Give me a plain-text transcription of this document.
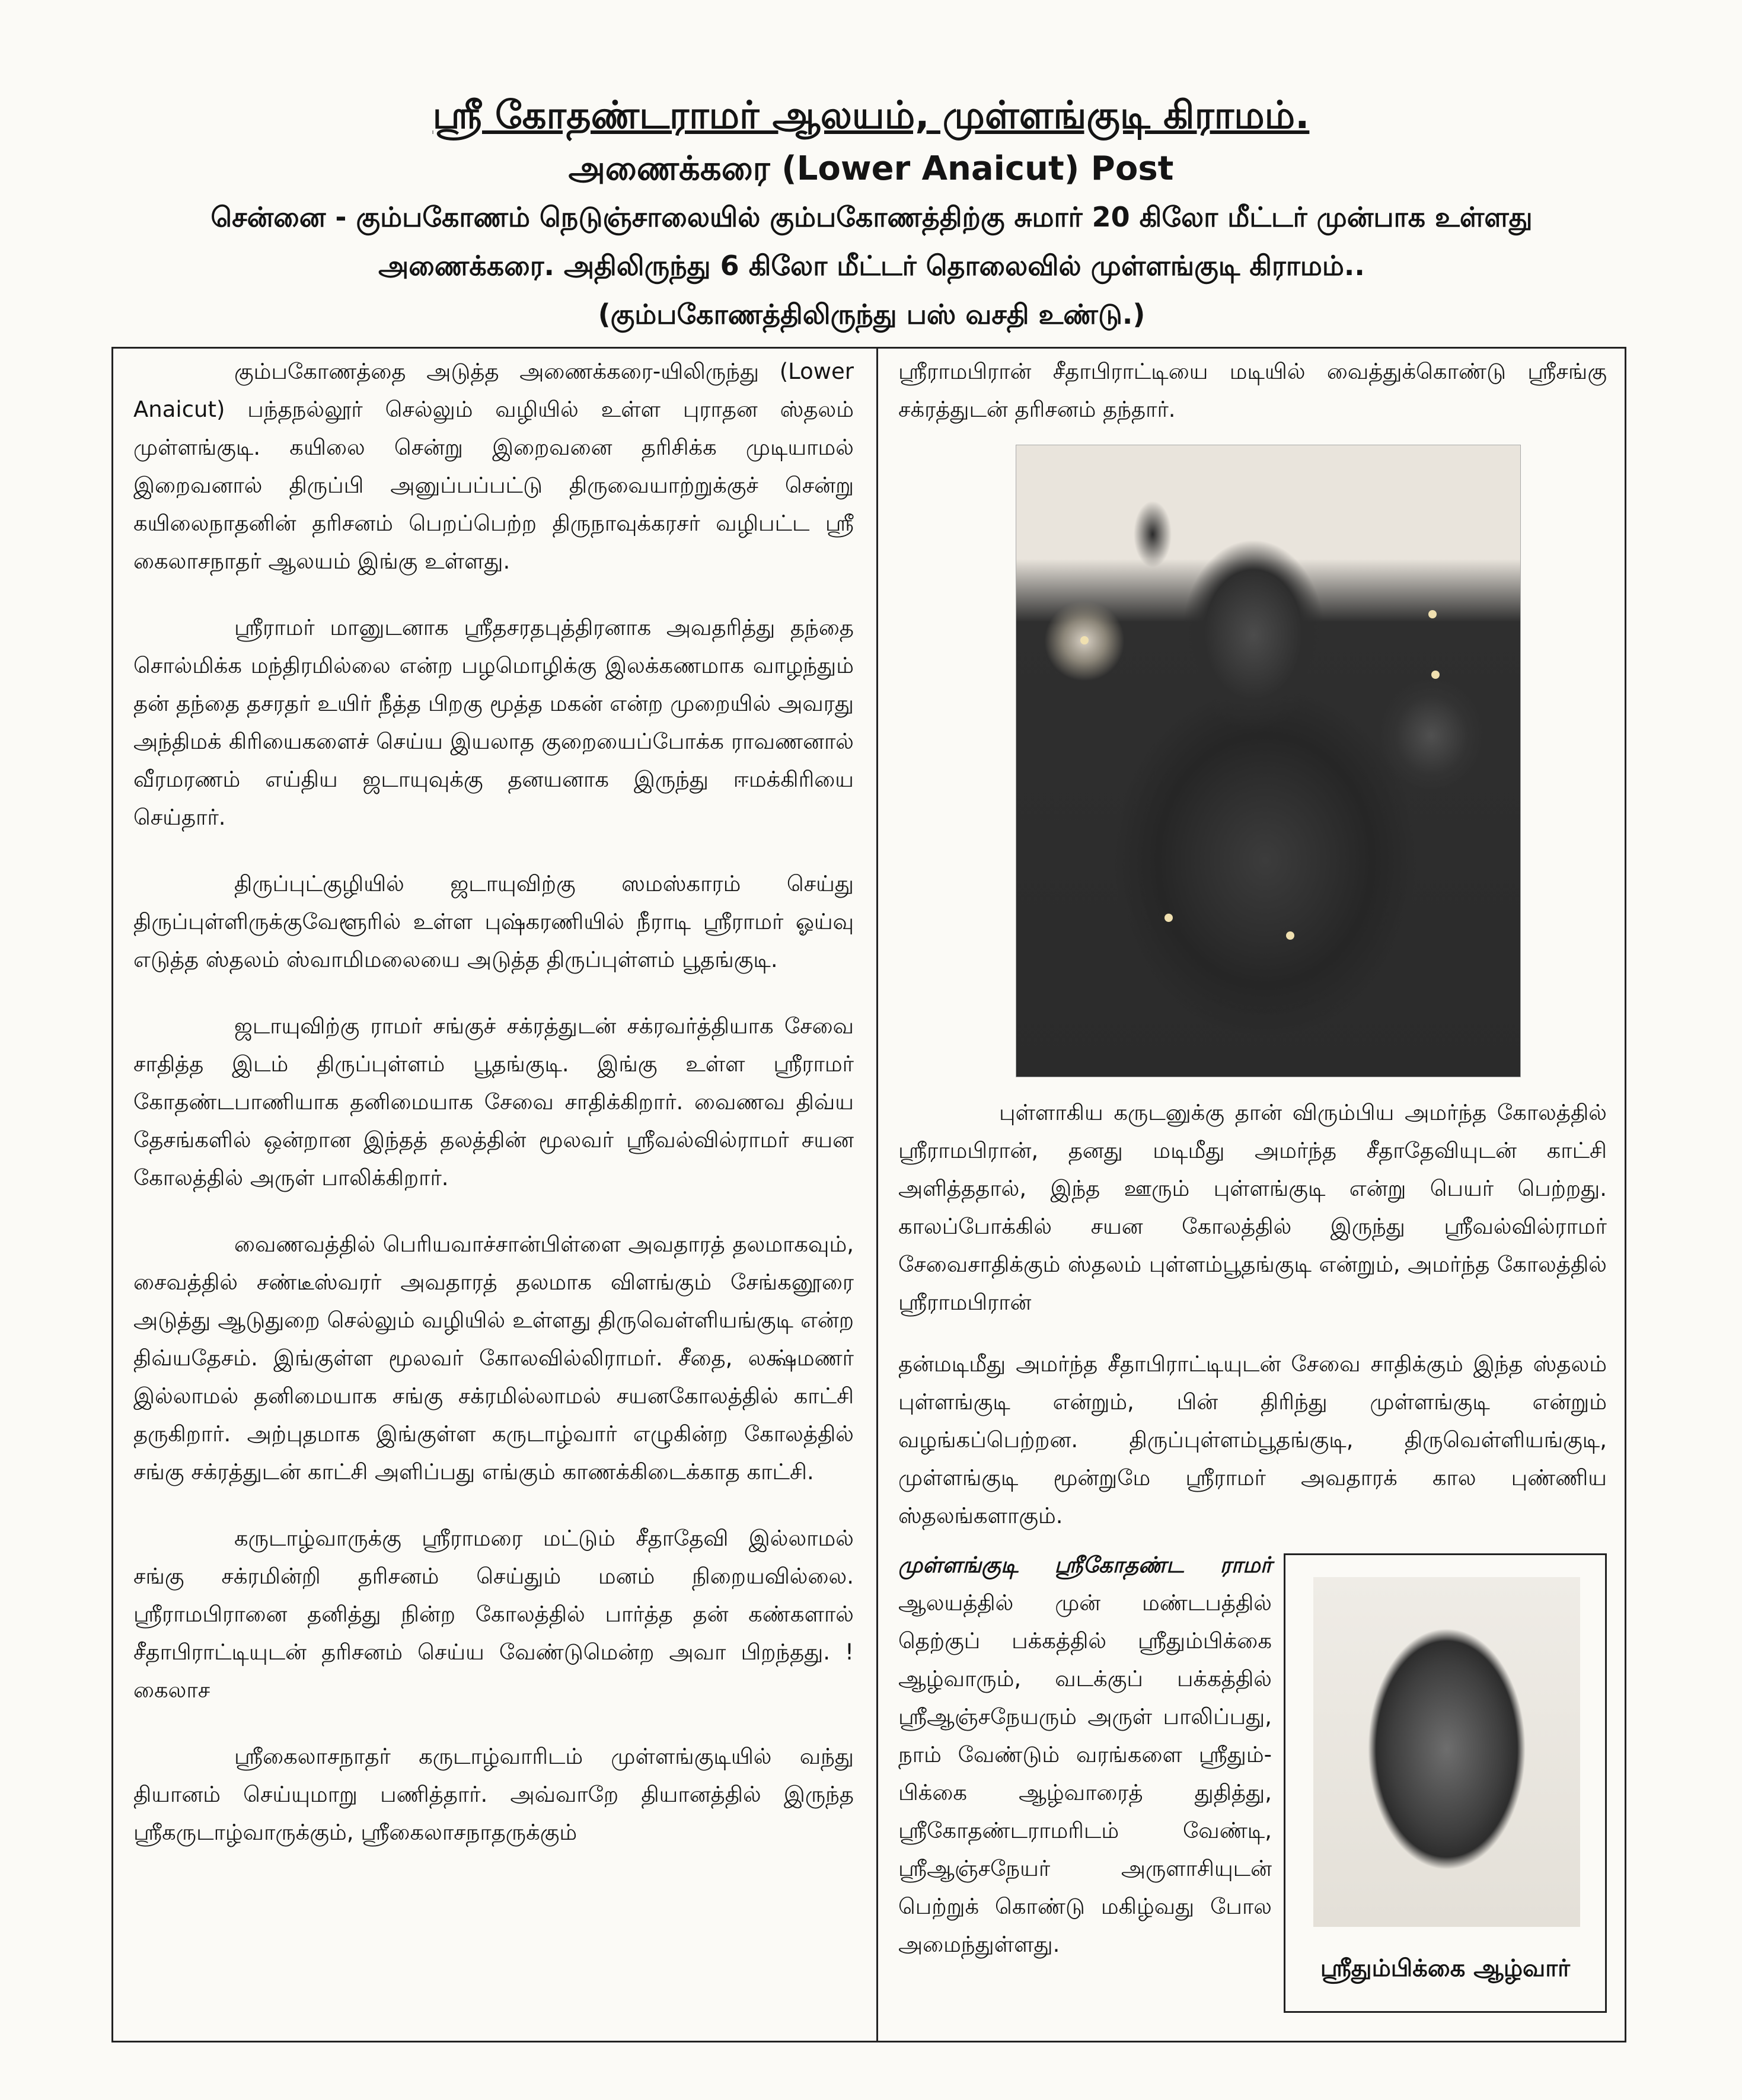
ஸ்ரீ கோதண்டராமர் ஆலயம், முள்ளங்குடி கிராமம்.
அணைக்கரை (Lower Anaicut) Post
சென்னை - கும்பகோணம் நெடுஞ்சாலையில் கும்பகோணத்திற்கு சுமார் 20 கிலோ மீட்டர் முன்பாக உள்ளது
அணைக்கரை. அதிலிருந்து 6 கிலோ மீட்டர் தொலைவில் முள்ளங்குடி கிராமம்..
(கும்பகோணத்திலிருந்து பஸ் வசதி உண்டு.)

கும்பகோணத்தை அடுத்த அணைக்கரை-யிலிருந்து (Lower Anaicut) பந்தநல்லூர் செல்லும் வழியில் உள்ள புராதன ஸ்தலம் முள்ளங்குடி. கயிலை சென்று இறைவனை தரிசிக்க முடியாமல் இறைவனால் திருப்பி அனுப்பப்பட்டு திருவையாற்றுக்குச் சென்று கயிலைநாதனின் தரிசனம் பெறப்பெற்ற திருநாவுக்கரசர் வழிபட்ட ஸ்ரீ கைலாசநாதர் ஆலயம் இங்கு உள்ளது.

ஸ்ரீராமர் மானுடனாக ஸ்ரீதசரதபுத்திரனாக அவதரித்து தந்தை சொல்மிக்க மந்திரமில்லை என்ற பழமொழிக்கு இலக்கணமாக வாழந்தும் தன் தந்தை தசரதர் உயிர் நீத்த பிறகு மூத்த மகன் என்ற முறையில் அவரது அந்திமக் கிரியைகளைச் செய்ய இயலாத குறையைப்போக்க ராவணனால் வீரமரணம் எய்திய ஜடாயுவுக்கு தனயனாக இருந்து ஈமக்கிரியை செய்தார்.

திருப்புட்குழியில் ஜடாயுவிற்கு ஸமஸ்காரம் செய்து திருப்புள்ளிருக்குவேளூரில் உள்ள புஷ்கரணியில் நீராடி ஸ்ரீராமர் ஓய்வு எடுத்த ஸ்தலம் ஸ்வாமிமலையை அடுத்த திருப்புள்ளம் பூதங்குடி.

ஜடாயுவிற்கு ராமர் சங்குச் சக்ரத்துடன் சக்ரவர்த்தியாக சேவை சாதித்த இடம் திருப்புள்ளம் பூதங்குடி. இங்கு உள்ள ஸ்ரீராமர் கோதண்டபாணியாக தனிமையாக சேவை சாதிக்கிறார். வைணவ திவ்ய தேசங்களில் ஒன்றான இந்தத் தலத்தின் மூலவர் ஸ்ரீவல்வில்ராமர் சயன கோலத்தில் அருள் பாலிக்கிறார்.

வைணவத்தில் பெரியவாச்சான்பிள்ளை அவதாரத் தலமாகவும், சைவத்தில் சண்டீஸ்வரர் அவதாரத் தலமாக விளங்கும் சேங்கனூரை அடுத்து ஆடுதுறை செல்லும் வழியில் உள்ளது திருவெள்ளியங்குடி என்ற திவ்யதேசம். இங்குள்ள மூலவர் கோலவில்லிராமர். சீதை, லக்ஷ்மணர் இல்லாமல் தனிமையாக சங்கு சக்ரமில்லாமல் சயனகோலத்தில் காட்சி தருகிறார். அற்புதமாக இங்குள்ள கருடாழ்வார் எழுகின்ற கோலத்தில் சங்கு சக்ரத்துடன் காட்சி அளிப்பது எங்கும் காணக்கிடைக்காத காட்சி.

கருடாழ்வாருக்கு ஸ்ரீராமரை மட்டும் சீதாதேவி இல்லாமல் சங்கு சக்ரமின்றி தரிசனம் செய்தும் மனம் நிறையவில்லை. ஸ்ரீராமபிரானை தனித்து நின்ற கோலத்தில் பார்த்த தன் கண்களால் சீதாபிராட்டியுடன் தரிசனம் செய்ய வேண்டுமென்ற அவா பிறந்தது. !கைலாச

ஸ்ரீகைலாசநாதர் கருடாழ்வாரிடம் முள்ளங்குடியில் வந்து தியானம் செய்யுமாறு பணித்தார். அவ்வாறே தியானத்தில் இருந்த ஸ்ரீகருடாழ்வாருக்கும், ஸ்ரீகைலாசநாதருக்கும்

ஸ்ரீராமபிரான் சீதாபிராட்டியை மடியில் வைத்துக்கொண்டு ஸ்ரீசங்கு சக்ரத்துடன் தரிசனம் தந்தார்.

புள்ளாகிய கருடனுக்கு தான் விரும்பிய அமர்ந்த கோலத்தில் ஸ்ரீராமபிரான், தனது மடிமீது அமர்ந்த சீதாதேவியுடன் காட்சி அளித்ததால், இந்த ஊரும் புள்ளங்குடி என்று பெயர் பெற்றது. காலப்போக்கில் சயன கோலத்தில் இருந்து ஸ்ரீவல்வில்ராமர் சேவைசாதிக்கும் ஸ்தலம் புள்ளம்பூதங்குடி என்றும், அமர்ந்த கோலத்தில் ஸ்ரீராமபிரான்

தன்மடிமீது அமர்ந்த சீதாபிராட்டியுடன் சேவை சாதிக்கும் இந்த ஸ்தலம் புள்ளங்குடி என்றும், பின் திரிந்து முள்ளங்குடி என்றும் வழங்கப்பெற்றன. திருப்புள்ளம்பூதங்குடி, திருவெள்ளியங்குடி, முள்ளங்குடி மூன்றுமே ஸ்ரீராமர் அவதாரக் கால புண்ணிய ஸ்தலங்களாகும்.

முள்ளங்குடி ஸ்ரீகோதண்ட ராமர் ஆலயத்தில் முன் மண்டபத்தில் தெற்குப் பக்கத்தில் ஸ்ரீதும்பிக்கை ஆழ்வாரும், வடக்குப் பக்கத்தில் ஸ்ரீஆஞ்சநேயரும் அருள் பாலிப்பது, நாம் வேண்டும் வரங்களை ஸ்ரீதும்-பிக்கை ஆழ்வாரைத் துதித்து, ஸ்ரீகோதண்டராமரிடம் வேண்டி, ஸ்ரீஆஞ்சநேயர் அருளாசியுடன் பெற்றுக் கொண்டு மகிழ்வது போல அமைந்துள்ளது.
ஸ்ரீதும்பிக்கை ஆழ்வார்
